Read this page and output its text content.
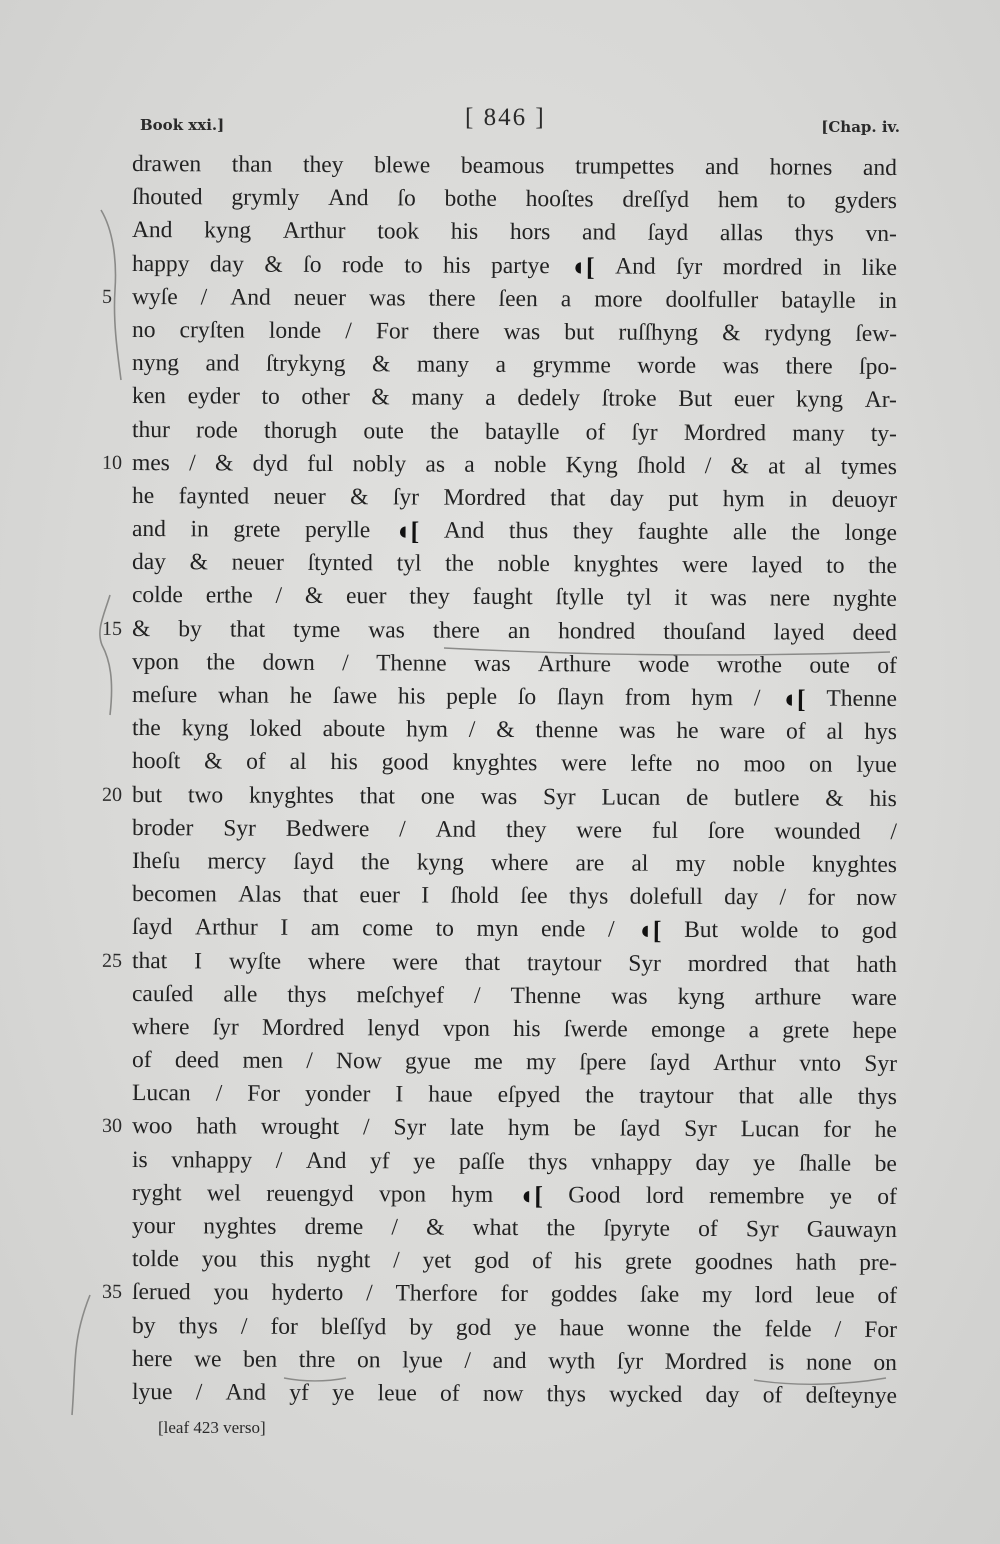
Book xxi.]	[ 846 ]	[Chap. iv.
drawen than they blewe beamous trumpettes and hornes and
ſhouted grymly And ſo bothe hooſtes dreſſyd hem to gyders
And kyng Arthur took his hors and ſayd allas thys vn-
happy day & ſo rode to his partye ◖[ And ſyr mordred in like
5 wyſe / And neuer was there ſeen a more doolfuller bataylle in
no cryſten londe / For there was but ruſſhyng & rydyng ſew-
nyng and ſtrykyng & many a grymme worde was there ſpo-
ken eyder to other & many a dedely ſtroke But euer kyng Ar-
thur rode thorugh oute the bataylle of ſyr Mordred many ty-
10 mes / & dyd ful nobly as a noble Kyng ſhold / & at al tymes
he faynted neuer & ſyr Mordred that day put hym in deuoyr
and in grete perylle ◖[ And thus they faughte alle the longe
day & neuer ſtynted tyl the noble knyghtes were layed to the
colde erthe / & euer they faught ſtylle tyl it was nere nyghte
15 & by that tyme was there an hondred thouſand layed deed
vpon the down / Thenne was Arthure wode wrothe oute of
meſure whan he ſawe his peple ſo ſlayn from hym / ◖[ Thenne
the kyng loked aboute hym / & thenne was he ware of al hys
hooſt & of al his good knyghtes were lefte no moo on lyue
20 but two knyghtes that one was Syr Lucan de butlere & his
broder Syr Bedwere / And they were ful ſore wounded /
Iheſu mercy ſayd the kyng where are al my noble knyghtes
becomen Alas that euer I ſhold ſee thys dolefull day / for now
ſayd Arthur I am come to myn ende / ◖[ But wolde to god
25 that I wyſte where were that traytour Syr mordred that hath
cauſed alle thys meſchyef / Thenne was kyng arthure ware
where ſyr Mordred lenyd vpon his ſwerde emonge a grete hepe
of deed men / Now gyue me my ſpere ſayd Arthur vnto Syr
Lucan / For yonder I haue eſpyed the traytour that alle thys
30 woo hath wrought / Syr late hym be ſayd Syr Lucan for he
is vnhappy / And yf ye paſſe thys vnhappy day ye ſhalle be
ryght wel reuengyd vpon hym ◖[ Good lord remembre ye of
your nyghtes dreme / & what the ſpyryte of Syr Gauwayn
tolde you this nyght / yet god of his grete goodnes hath pre-
35 ſerued you hyderto / Therfore for goddes ſake my lord leue of
by thys / for bleſſyd by god ye haue wonne the felde / For
here we ben thre on lyue / and wyth ſyr Mordred is none on
lyue / And yf ye leue of now thys wycked day of deſteynye
[leaf 423 verso]
